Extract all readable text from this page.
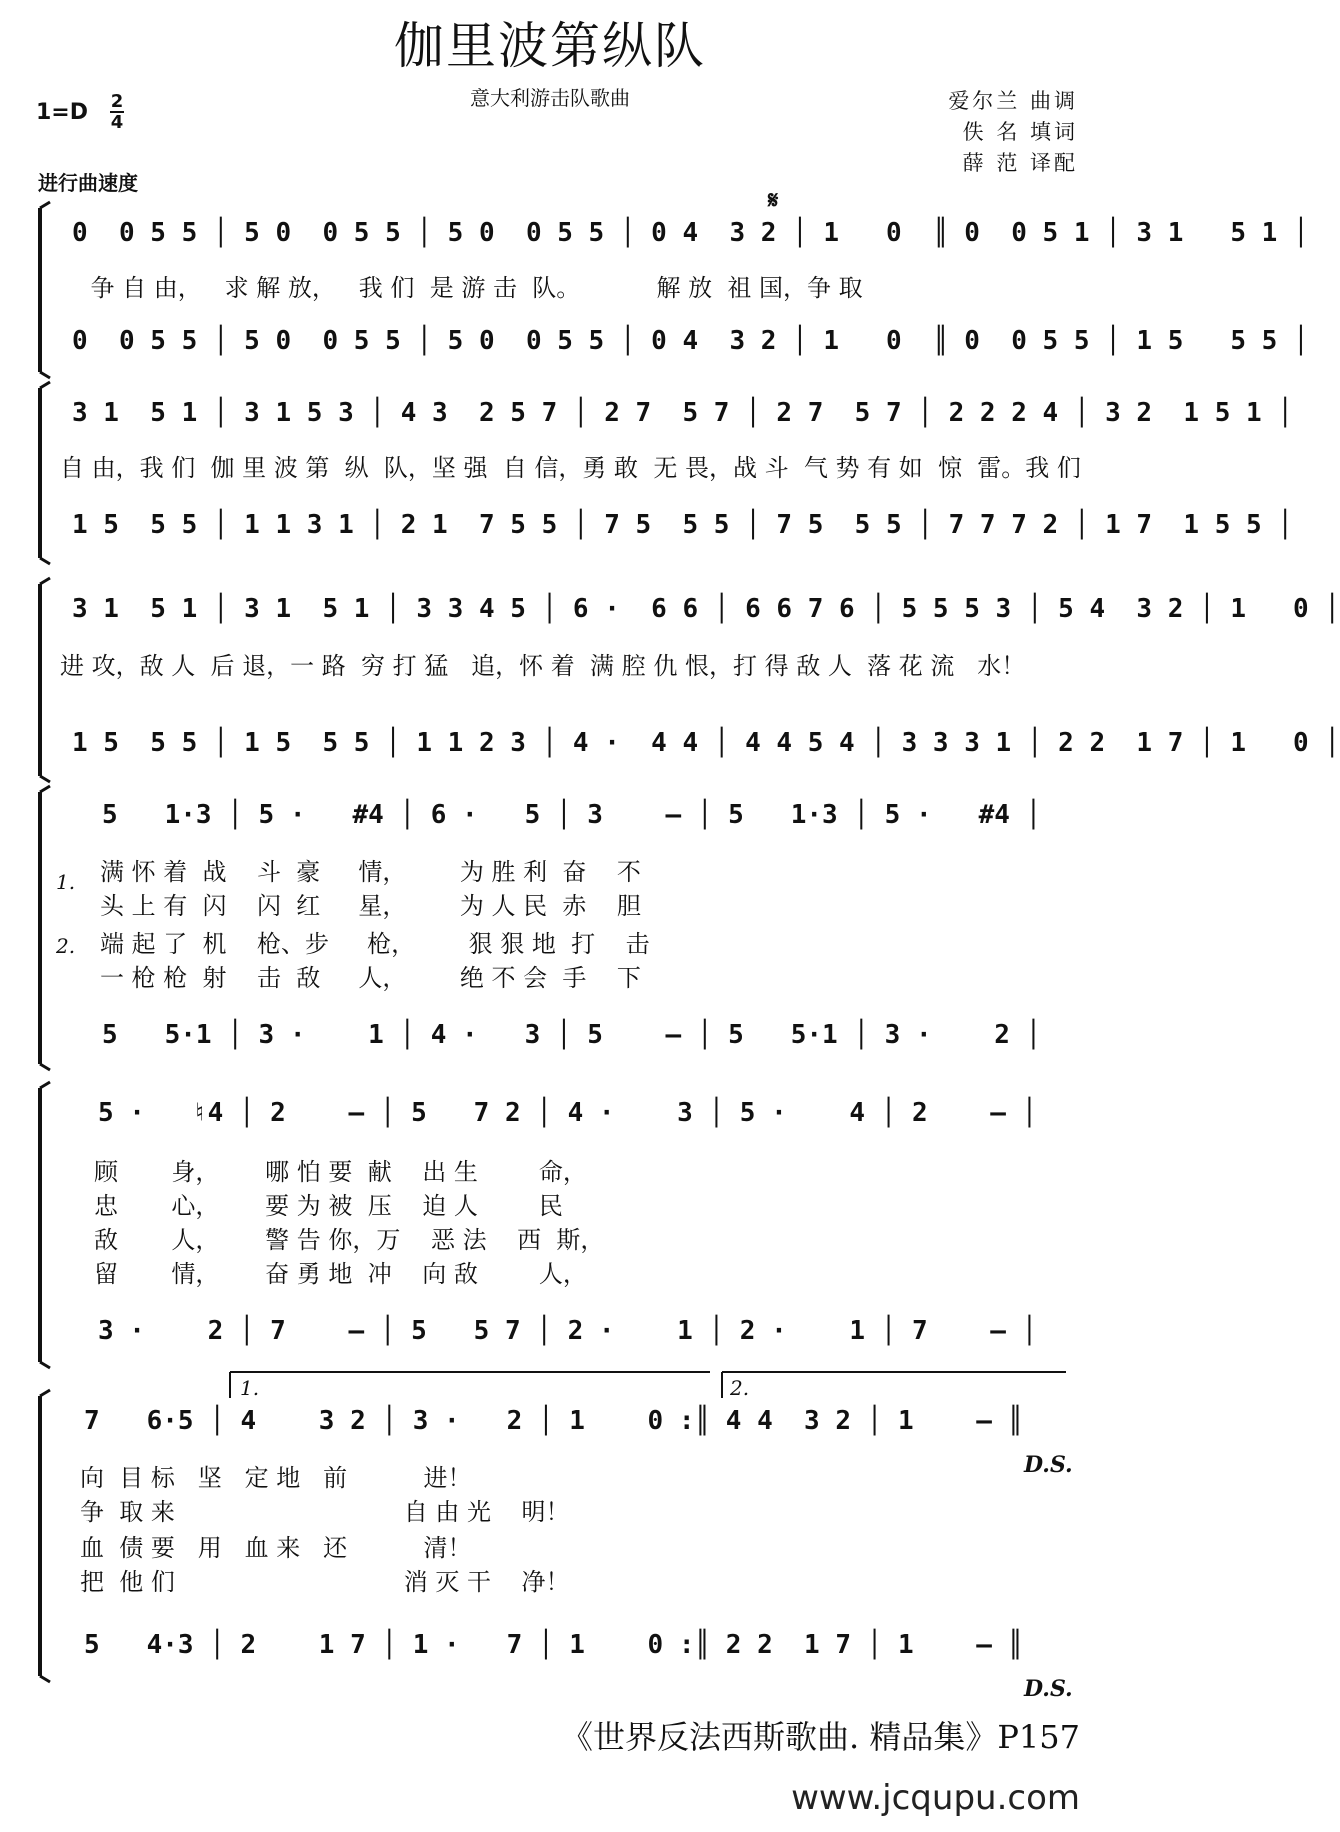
伽里波第纵队
意大利游击队歌曲	爱尔兰 曲调
佚 名 填词
薛 范 译配
1=D 2
4
进行曲速度
𝄋
0  0 5 5 │ 5 0  0 5 5 │ 5 0  0 5 5 │ 0 4  3 2 │ 1   0  ║ 0  0 5 1 │ 3 1   5 1 │
争 自 由，   求 解 放，   我 们  是 游 击  队。          解 放  祖 国，争 取
0  0 5 5 │ 5 0  0 5 5 │ 5 0  0 5 5 │ 0 4  3 2 │ 1   0  ║ 0  0 5 5 │ 1 5   5 5 │
3 1  5 1 │ 3 1 5 3 │ 4 3  2 5 7 │ 2 7  5 7 │ 2 7  5 7 │ 2 2 2 4 │ 3 2  1 5 1 │
自 由，我 们  伽 里 波 第  纵  队，坚 强  自 信，勇 敢  无 畏，战 斗  气 势 有 如  惊  雷。我 们
1 5  5 5 │ 1 1 3 1 │ 2 1  7 5 5 │ 7 5  5 5 │ 7 5  5 5 │ 7 7 7 2 │ 1 7  1 5 5 │
3 1  5 1 │ 3 1  5 1 │ 3 3 4 5 │ 6 ·  6 6 │ 6 6 7 6 │ 5 5 5 3 │ 5 4  3 2 │ 1   0 │
进 攻，敌 人  后 退，一 路  穷 打 猛   追，怀 着  满 腔 仇 恨，打 得 敌 人  落 花 流   水！
1 5  5 5 │ 1 5  5 5 │ 1 1 2 3 │ 4 ·  4 4 │ 4 4 5 4 │ 3 3 3 1 │ 2 2  1 7 │ 1   0 │
5   1·3 │ 5 ·   #4 │ 6 ·   5 │ 3    — │ 5   1·3 │ 5 ·   #4 │
1.
2.
满 怀 着  战    斗  豪     情，       为 胜 利  奋    不
头 上 有  闪    闪  红     星，       为 人 民  赤    胆
端 起 了  机    枪、步     枪，       狠 狠 地  打    击
一 枪 枪  射    击  敌     人，       绝 不 会  手    下
5   5·1 │ 3 ·    1 │ 4 ·   3 │ 5    — │ 5   5·1 │ 3 ·    2 │
5 ·   ♮4 │ 2    — │ 5   7 2 │ 4 ·    3 │ 5 ·    4 │ 2    — │
顾       身，      哪 怕 要  献    出 生        命，
忠       心，      要 为 被  压    迫 人        民
敌       人，      警 告 你，万    恶 法    西  斯，
留       情，      奋 勇 地  冲    向 敌        人，
3 ·    2 │ 7    — │ 5   5 7 │ 2 ·    1 │ 2 ·    1 │ 7    — │
1.	2.
7   6·5 │ 4    3 2 │ 3 ·   2 │ 1    0 :║ 4 4  3 2 │ 1    — ║
向  目 标   坚   定 地   前          进！
争  取 来                              自 由 光    明！
血  债 要   用   血 来   还          清！
把  他 们                              消 灭 干    净！
D.S.
5   4·3 │ 2    1 7 │ 1 ·   7 │ 1    0 :║ 2 2  1 7 │ 1    — ║
D.S.
《世界反法西斯歌曲. 精品集》P157
www.jcqupu.com
